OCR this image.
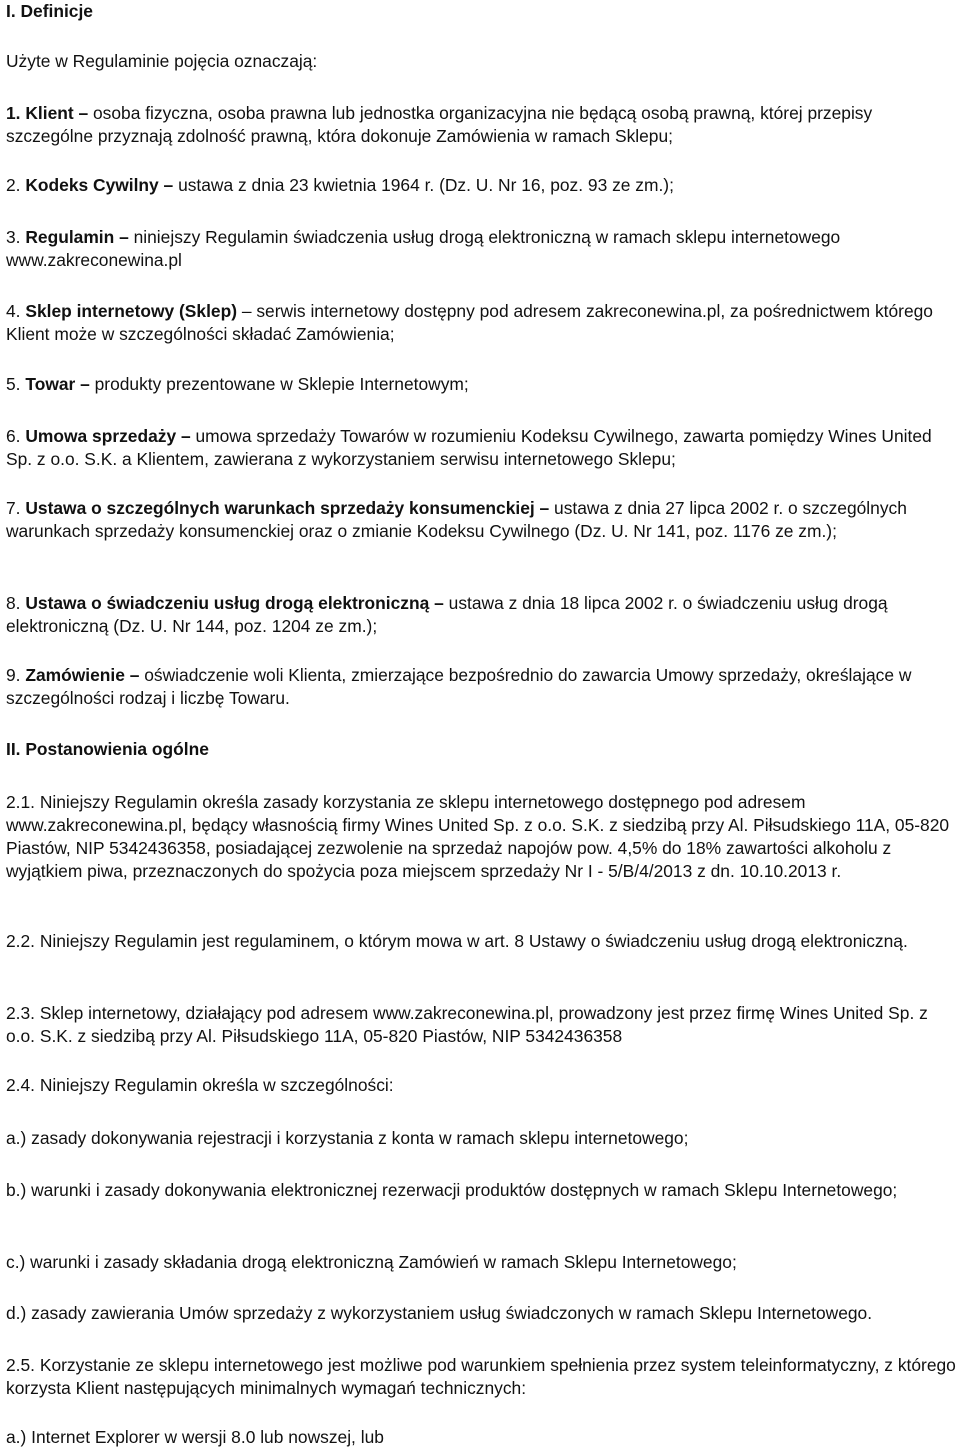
I. Definicje

Użyte w Regulaminie pojęcia oznaczają:

1. Klient – osoba fizyczna, osoba prawna lub jednostka organizacyjna nie będącą osobą prawną, której przepisy szczególne przyznają zdolność prawną, która dokonuje Zamówienia w ramach Sklepu;

2. Kodeks Cywilny – ustawa z dnia 23 kwietnia 1964 r. (Dz. U. Nr 16, poz. 93 ze zm.);

3. Regulamin – niniejszy Regulamin świadczenia usług drogą elektroniczną w ramach sklepu internetowego www.zakreconewina.pl

4. Sklep internetowy (Sklep) – serwis internetowy dostępny pod adresem zakreconewina.pl, za pośrednictwem którego Klient może w szczególności składać Zamówienia;

5. Towar – produkty prezentowane w Sklepie Internetowym;

6. Umowa sprzedaży – umowa sprzedaży Towarów w rozumieniu Kodeksu Cywilnego, zawarta pomiędzy Wines United Sp. z o.o. S.K. a Klientem, zawierana z wykorzystaniem serwisu internetowego Sklepu;

7. Ustawa o szczególnych warunkach sprzedaży konsumenckiej – ustawa z dnia 27 lipca 2002 r. o szczególnych warunkach sprzedaży konsumenckiej oraz o zmianie Kodeksu Cywilnego (Dz. U. Nr 141, poz. 1176 ze zm.);

8. Ustawa o świadczeniu usług drogą elektroniczną – ustawa z dnia 18 lipca 2002 r. o świadczeniu usług drogą elektroniczną (Dz. U. Nr 144, poz. 1204 ze zm.);

9. Zamówienie – oświadczenie woli Klienta, zmierzające bezpośrednio do zawarcia Umowy sprzedaży, określające w szczególności rodzaj i liczbę Towaru.

II. Postanowienia ogólne

2.1. Niniejszy Regulamin określa zasady korzystania ze sklepu internetowego dostępnego pod adresem www.zakreconewina.pl, będący własnością firmy Wines United Sp. z o.o. S.K. z siedzibą przy Al. Piłsudskiego 11A, 05-820 Piastów, NIP 5342436358, posiadającej zezwolenie na sprzedaż napojów pow. 4,5% do 18% zawartości alkoholu z wyjątkiem piwa, przeznaczonych do spożycia poza miejscem sprzedaży Nr I - 5/B/4/2013 z dn. 10.10.2013 r.

2.2. Niniejszy Regulamin jest regulaminem, o którym mowa w art. 8 Ustawy o świadczeniu usług drogą elektroniczną.

2.3. Sklep internetowy, działający pod adresem www.zakreconewina.pl, prowadzony jest przez firmę Wines United Sp. z o.o. S.K. z siedzibą przy Al. Piłsudskiego 11A, 05-820 Piastów, NIP 5342436358

2.4. Niniejszy Regulamin określa w szczególności:

a.) zasady dokonywania rejestracji i korzystania z konta w ramach sklepu internetowego;

b.) warunki i zasady dokonywania elektronicznej rezerwacji produktów dostępnych w ramach Sklepu Internetowego;

c.) warunki i zasady składania drogą elektroniczną Zamówień w ramach Sklepu Internetowego;

d.) zasady zawierania Umów sprzedaży z wykorzystaniem usług świadczonych w ramach Sklepu Internetowego.

2.5. Korzystanie ze sklepu internetowego jest możliwe pod warunkiem spełnienia przez system teleinformatyczny, z którego korzysta Klient następujących minimalnych wymagań technicznych:

a.) Internet Explorer w wersji 8.0 lub nowszej, lub
